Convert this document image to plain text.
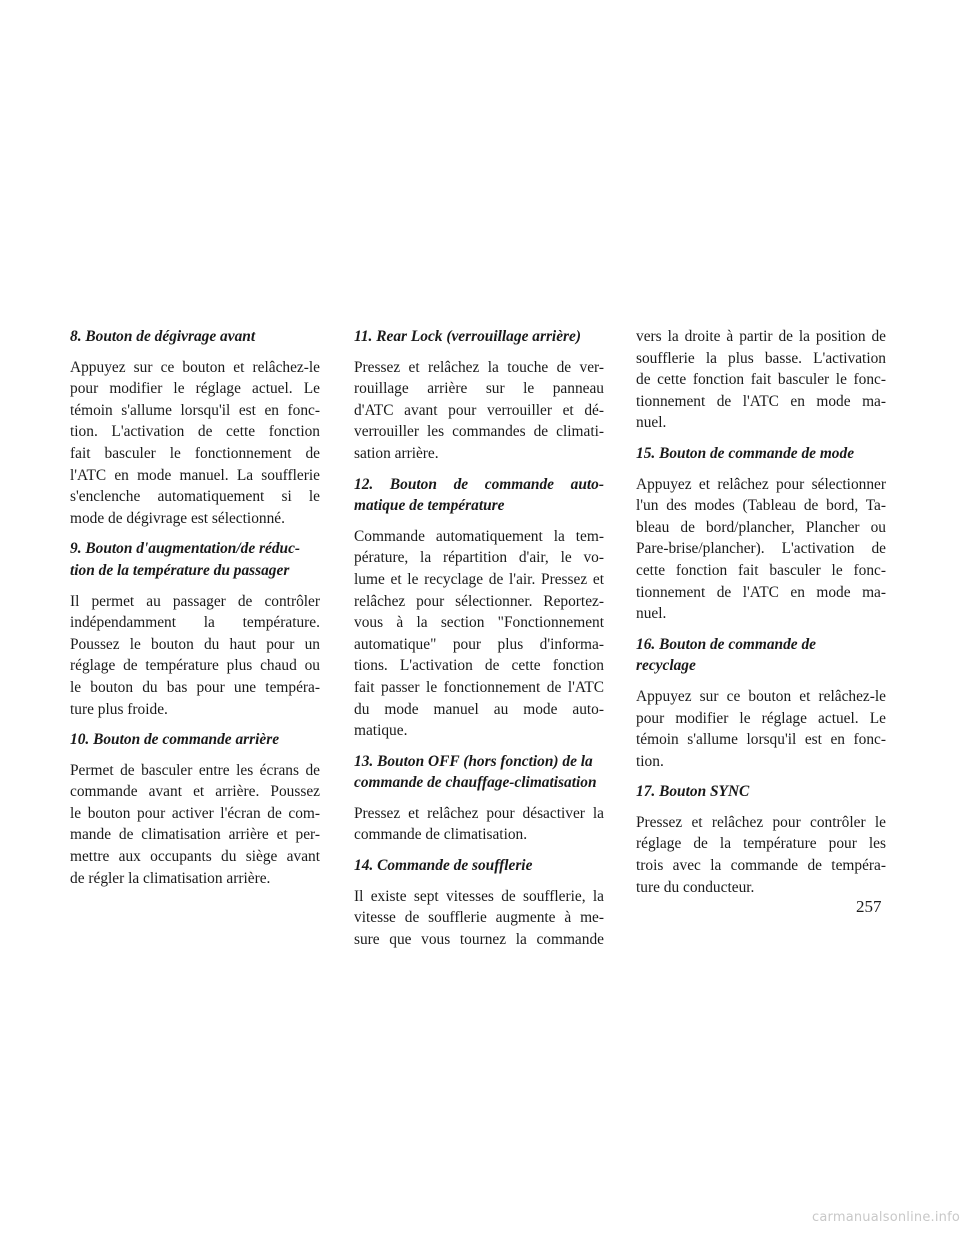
8. Bouton de dégivrage avant
Appuyez sur ce bouton et relâchez-le
pour modifier le réglage actuel. Le
témoin s'allume lorsqu'il est en fonc-
tion. L'activation de cette fonction
fait basculer le fonctionnement de
l'ATC en mode manuel. La soufflerie
s'enclenche automatiquement si le
mode de dégivrage est sélectionné.
9. Bouton d'augmentation/de réduc-
tion de la température du passager
Il permet au passager de contrôler
indépendamment la température.
Poussez le bouton du haut pour un
réglage de température plus chaud ou
le bouton du bas pour une tempéra-
ture plus froide.
10. Bouton de commande arrière
Permet de basculer entre les écrans de
commande avant et arrière. Poussez
le bouton pour activer l'écran de com-
mande de climatisation arrière et per-
mettre aux occupants du siège avant
de régler la climatisation arrière.
11. Rear Lock (verrouillage arrière)
Pressez et relâchez la touche de ver-
rouillage arrière sur le panneau
d'ATC avant pour verrouiller et dé-
verrouiller les commandes de climati-
sation arrière.
12. Bouton de commande auto-
matique de température
Commande automatiquement la tem-
pérature, la répartition d'air, le vo-
lume et le recyclage de l'air. Pressez et
relâchez pour sélectionner. Reportez-
vous à la section "Fonctionnement
automatique" pour plus d'informa-
tions. L'activation de cette fonction
fait passer le fonctionnement de l'ATC
du mode manuel au mode auto-
matique.
13. Bouton OFF (hors fonction) de la
commande de chauffage-climatisation
Pressez et relâchez pour désactiver la
commande de climatisation.
14. Commande de soufflerie
Il existe sept vitesses de soufflerie, la
vitesse de soufflerie augmente à me-
sure que vous tournez la commande
vers la droite à partir de la position de
soufflerie la plus basse. L'activation
de cette fonction fait basculer le fonc-
tionnement de l'ATC en mode ma-
nuel.
15. Bouton de commande de mode
Appuyez et relâchez pour sélectionner
l'un des modes (Tableau de bord, Ta-
bleau de bord/plancher, Plancher ou
Pare-brise/plancher). L'activation de
cette fonction fait basculer le fonc-
tionnement de l'ATC en mode ma-
nuel.
16. Bouton de commande de
recyclage
Appuyez sur ce bouton et relâchez-le
pour modifier le réglage actuel. Le
témoin s'allume lorsqu'il est en fonc-
tion.
17. Bouton SYNC
Pressez et relâchez pour contrôler le
réglage de la température pour les
trois avec la commande de tempéra-
ture du conducteur.
257
carmanualsonline.info
